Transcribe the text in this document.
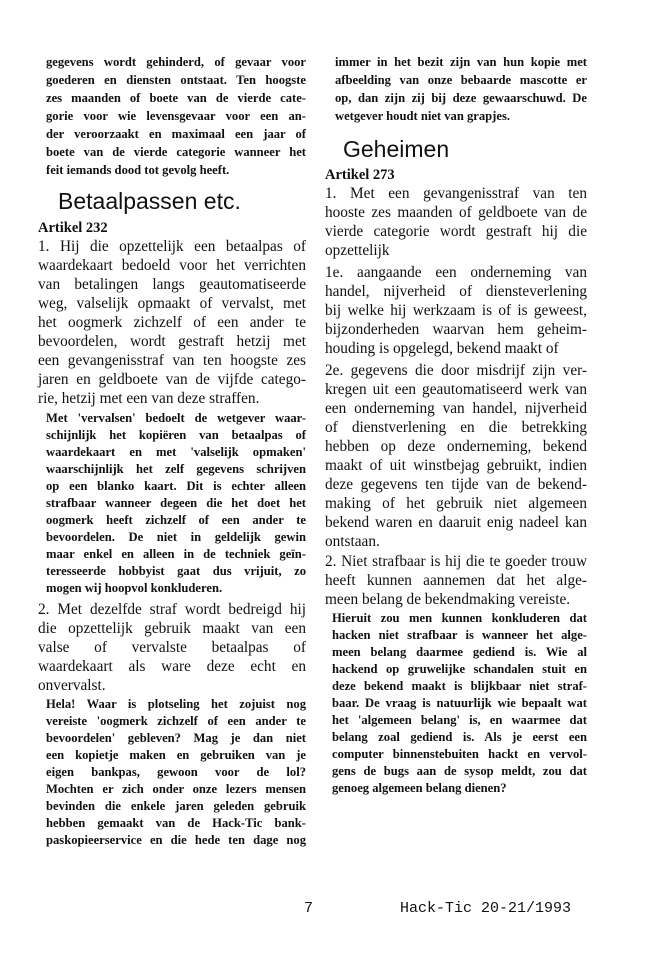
gegevens wordt gehinderd, of gevaar voor
goederen en diensten ontstaat. Ten hoogste
zes maanden of boete van de vierde cate-
gorie voor wie levensgevaar voor een an-
der veroorzaakt en maximaal een jaar of
boete van de vierde categorie wanneer het
feit iemands dood tot gevolg heeft.
Betaalpassen etc.
Artikel 232
1. Hij die opzettelijk een betaalpas of
waardekaart bedoeld voor het verrichten
van betalingen langs geautomatiseerde
weg, valselijk opmaakt of vervalst, met
het oogmerk zichzelf of een ander te
bevoordelen, wordt gestraft hetzij met
een gevangenisstraf van ten hoogste zes
jaren en geldboete van de vijfde catego-
rie, hetzij met een van deze straffen.
Met 'vervalsen' bedoelt de wetgever waar-
schijnlijk het kopiëren van betaalpas of
waardekaart en met 'valselijk opmaken'
waarschijnlijk het zelf gegevens schrijven
op een blanko kaart. Dit is echter alleen
strafbaar wanneer degeen die het doet het
oogmerk heeft zichzelf of een ander te
bevoordelen. De niet in geldelijk gewin
maar enkel en alleen in de techniek geïn-
teresseerde hobbyist gaat dus vrijuit, zo
mogen wij hoopvol konkluderen.
2. Met dezelfde straf wordt bedreigd hij
die opzettelijk gebruik maakt van een
valse of vervalste betaalpas of
waardekaart als ware deze echt en
onvervalst.
Hela! Waar is plotseling het zojuist nog
vereiste 'oogmerk zichzelf of een ander te
bevoordelen' gebleven? Mag je dan niet
een kopietje maken en gebruiken van je
eigen bankpas, gewoon voor de lol?
Mochten er zich onder onze lezers mensen
bevinden die enkele jaren geleden gebruik
hebben gemaakt van de Hack-Tic bank-
paskopieerservice en die hede ten dage nog
immer in het bezit zijn van hun kopie met
afbeelding van onze bebaarde mascotte er
op, dan zijn zij bij deze gewaarschuwd. De
wetgever houdt niet van grapjes.
Geheimen
Artikel 273
1. Met een gevangenisstraf van ten
hooste zes maanden of geldboete van de
vierde categorie wordt gestraft hij die
opzettelijk
1e. aangaande een onderneming van
handel, nijverheid of diensteverlening
bij welke hij werkzaam is of is geweest,
bijzonderheden waarvan hem geheim-
houding is opgelegd, bekend maakt of
2e. gegevens die door misdrijf zijn ver-
kregen uit een geautomatiseerd werk van
een onderneming van handel, nijverheid
of dienstverlening en die betrekking
hebben op deze onderneming, bekend
maakt of uit winstbejag gebruikt, indien
deze gegevens ten tijde van de bekend-
making of het gebruik niet algemeen
bekend waren en daaruit enig nadeel kan
ontstaan.
2. Niet strafbaar is hij die te goeder trouw
heeft kunnen aannemen dat het alge-
meen belang de bekendmaking vereiste.
Hieruit zou men kunnen konkluderen dat
hacken niet strafbaar is wanneer het alge-
meen belang daarmee gediend is. Wie al
hackend op gruwelijke schandalen stuit en
deze bekend maakt is blijkbaar niet straf-
baar. De vraag is natuurlijk wie bepaalt wat
het 'algemeen belang' is, en waarmee dat
belang zoal gediend is. Als je eerst een
computer binnenstebuiten hackt en vervol-
gens de bugs aan de sysop meldt, zou dat
genoeg algemeen belang dienen?
7	Hack-Tic 20-21/1993
